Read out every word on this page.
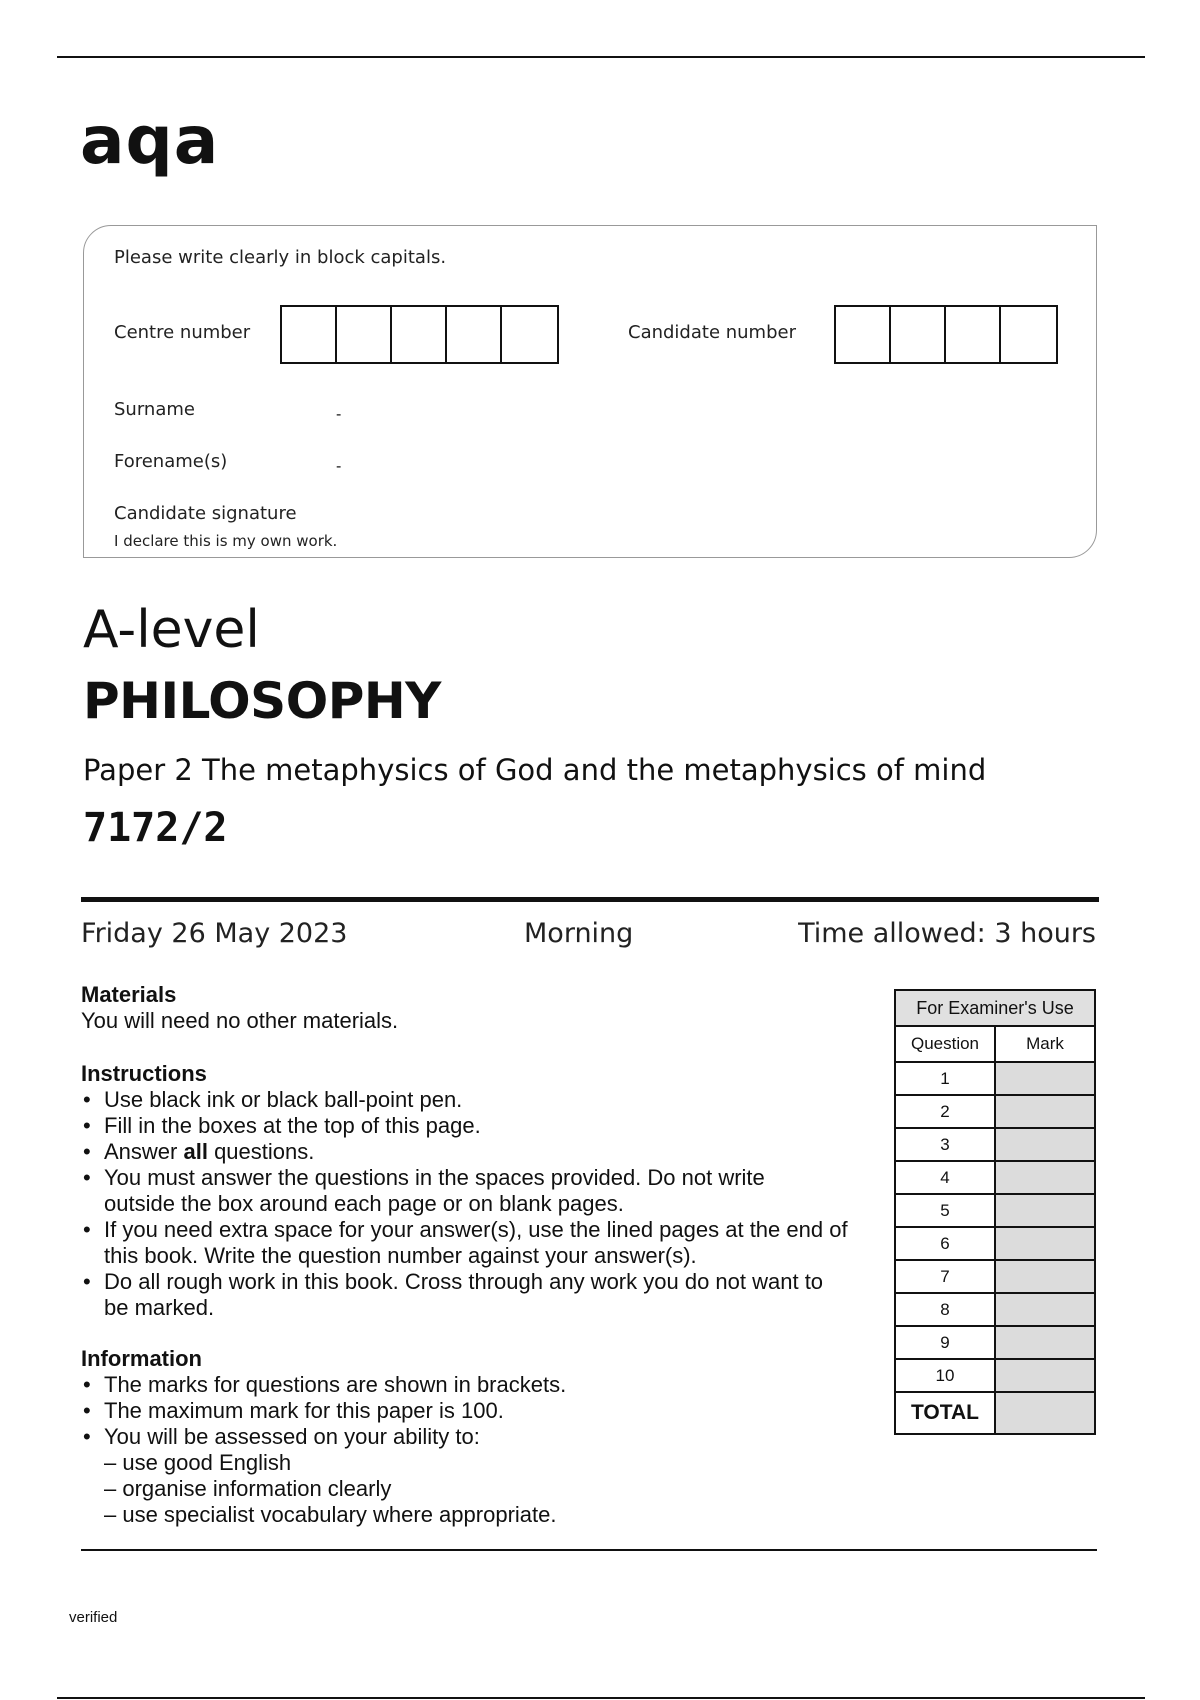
aqa
Please write clearly in block capitals.
Centre number	Candidate number
Surname	-
Forename(s)	-
Candidate signature
I declare this is my own work.
A-level
PHILOSOPHY
Paper 2 The metaphysics of God and the metaphysics of mind
7172/2
Friday 26 May 2023	Morning	Time allowed: 3 hours
Materials
You will need no other materials.
Instructions
• Use black ink or black ball-point pen.
• Fill in the boxes at the top of this page.
• Answer all questions.
• You must answer the questions in the spaces provided. Do not write outside the box around each page or on blank pages.
• If you need extra space for your answer(s), use the lined pages at the end of this book. Write the question number against your answer(s).
• Do all rough work in this book. Cross through any work you do not want to be marked.
Information
• The marks for questions are shown in brackets.
• The maximum mark for this paper is 100.
• You will be assessed on your ability to:
– use good English
– organise information clearly
– use specialist vocabulary where appropriate.
For Examiner's Use	
Question	Mark
1	
2	
3	
4	
5	
6	
7	
8	
9	
10	
TOTAL	
verified
